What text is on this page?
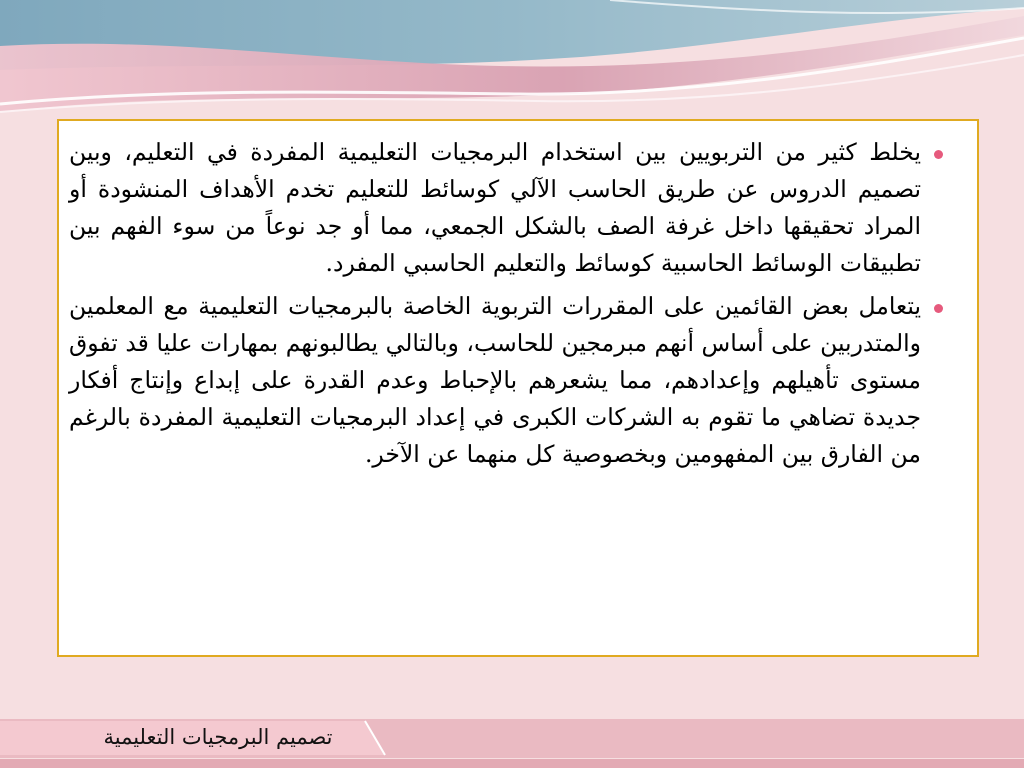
يخلط كثير من التربويين بين استخدام البرمجيات التعليمية المفردة في التعليم، وبين تصميم الدروس عن طريق الحاسب الآلي كوسائط للتعليم تخدم الأهداف المنشودة أو المراد تحقيقها داخل غرفة الصف بالشكل الجمعي، مما أو جد نوعاً من سوء الفهم بين تطبيقات الوسائط الحاسبية كوسائط والتعليم الحاسبي المفرد.
يتعامل بعض القائمين على المقررات التربوية الخاصة بالبرمجيات التعليمية مع المعلمين والمتدربين على أساس أنهم مبرمجين للحاسب، وبالتالي يطالبونهم بمهارات عليا قد تفوق مستوى تأهيلهم وإعدادهم، مما يشعرهم بالإحباط وعدم القدرة على إبداع وإنتاج أفكار جديدة تضاهي ما تقوم به الشركات الكبرى في إعداد البرمجيات التعليمية المفردة بالرغم من الفارق بين المفهومين وبخصوصية كل منهما عن الآخر.
تصميم البرمجيات التعليمية
